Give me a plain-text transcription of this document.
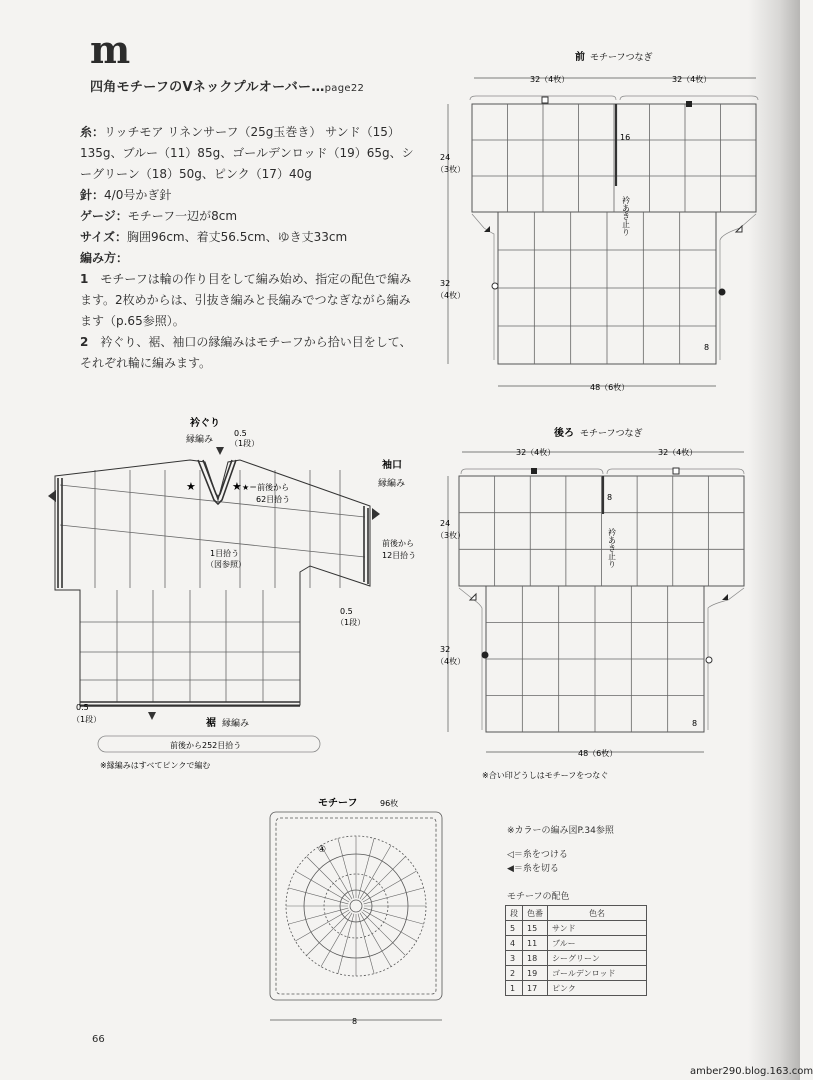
m
四角モチーフのVネックプルオーバー…page22

糸：リッチモア リネンサーフ（25g玉巻き） サンド（15）135g、ブルー（11）85g、ゴールデンロッド（19）65g、シーグリーン（18）50g、ピンク（17）40g

針：4/0号かぎ針

ゲージ：モチーフ一辺が8cm

サイズ：胸囲96cm、着丈56.5cm、ゆき丈33cm

編み方：

1　 モチーフは輪の作り目をして編み始め、指定の配色で編みます。2枚めからは、引抜き編みと長編みでつなぎながら編みます（p.65参照）。

2　 衿ぐり、裾、袖口の縁編みはモチーフから拾い目をして、それぞれ輪に編みます。

前 モチーフつなぎ
32（4枚）	32（4枚）
24
（3枚）
32
（4枚）
16
衿あき止り
48（6枚）
8
後ろ モチーフつなぎ
32（4枚）	32（4枚）
24
（3枚）
32
（4枚）
8
衿あき止り
48（6枚）
8
※合い印どうしはモチーフをつなぐ
★	★
衿ぐり
縁編み
0.5
（1段）
★＝前後から
62目拾う
1目拾う
（図参照）
袖口
縁編み
前後から
12目拾う
0.5
（1段）
0.5
（1段）	裾 縁編み
前後から252目拾う
※縁編みはすべてピンクで編む
モチーフ	96枚
8
④
※カラーの編み図P.34参照
◁＝糸をつける
◀＝糸を切る
モチーフの配色
段	色番	色名
5	15	サンド
4	11	ブルー
3	18	シーグリーン
2	19	ゴールデンロッド
1	17	ピンク
66
amber290.blog.163.com
